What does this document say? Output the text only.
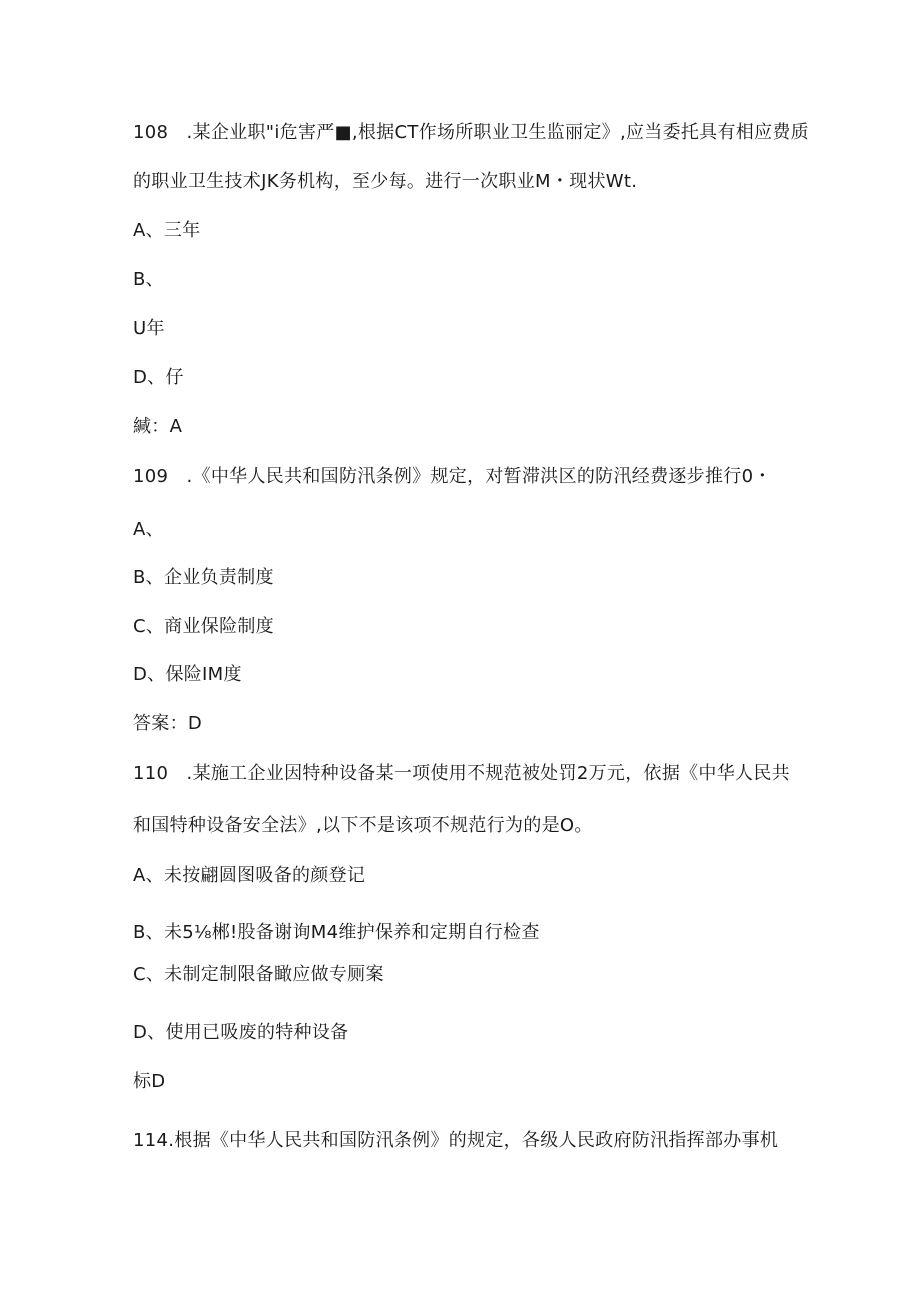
108　.某企业职"i危害严■,根据CT作场所职业卫生监丽定》,应当委托具有相应费质
的职业卫生技术JK务机构，至少每。进行一次职业M・现状Wt.
A、三年
B、
U年
D、仔
緘：A
109　.《中华人民共和国防汛条例》规定，对暂滞洪区的防汛经费逐步推行0・
A、
B、企业负责制度
C、商业保险制度
D、保险IM度
答案：D
110　.某施工企业因特种设备某一项使用不规范被处罚2万元，依据《中华人民共
和国特种设备安全法》,以下不是该项不规范行为的是O。
A、未按翩圆图吸备的颜登记
B、未5⅛郴!股备谢询M4维护保养和定期自行检查
C、未制定制限备瞰应做专厕案
D、使用已吸废的特种设备
标D
114.根据《中华人民共和国防汛条例》的规定，各级人民政府防汛指挥部办事机
